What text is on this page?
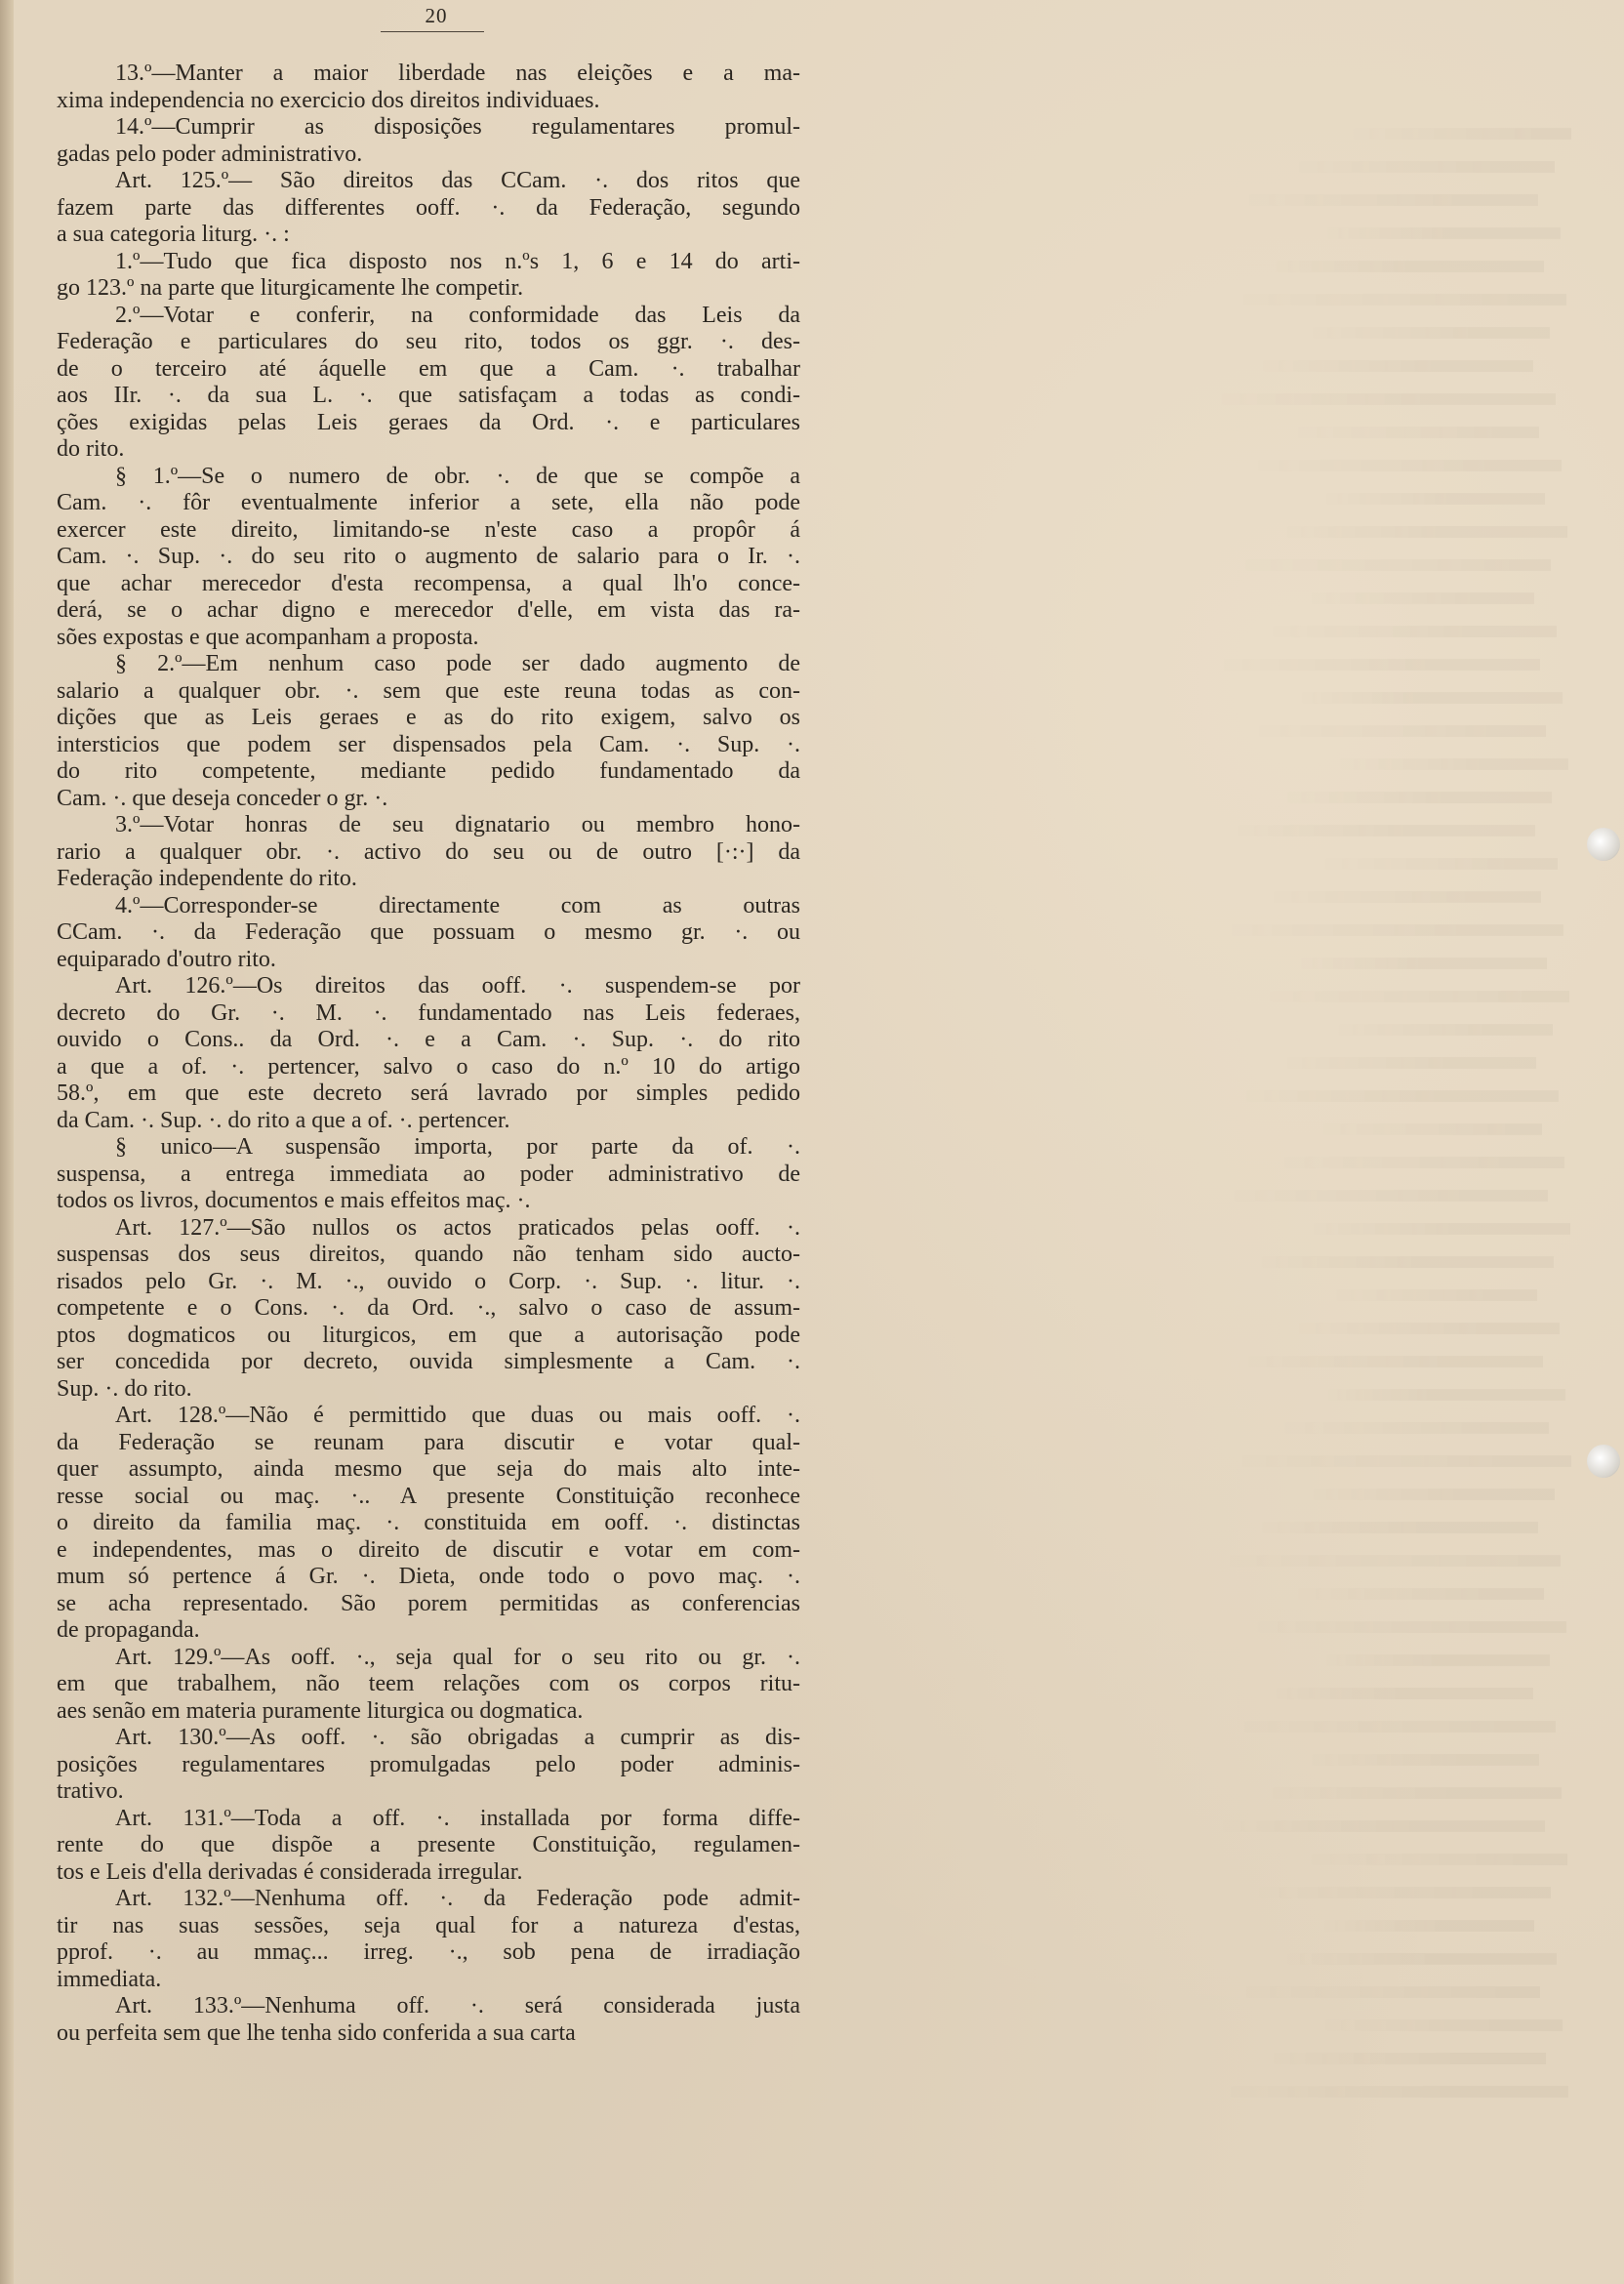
20

13.º—Manter a maior liberdade nas eleições e a ma-

xima independencia no exercicio dos direitos individuaes.

14.º—Cumprir as disposições regulamentares promul-

gadas pelo poder administrativo.

Art. 125.º— São direitos das CCam. ·. dos ritos que

fazem parte das differentes ooff. ·. da Federação, segundo

a sua categoria liturg. ·. :

1.º—Tudo que fica disposto nos n.ºs 1, 6 e 14 do arti-

go 123.º na parte que liturgicamente lhe competir.

2.º—Votar e conferir, na conformidade das Leis da

Federação e particulares do seu rito, todos os ggr. ·. des-

de o terceiro até áquelle em que a Cam. ·. trabalhar

aos IIr. ·. da sua L. ·. que satisfaçam a todas as condi-

ções exigidas pelas Leis geraes da Ord. ·. e particulares

do rito.

§ 1.º—Se o numero de obr. ·. de que se compõe a

Cam. ·. fôr eventualmente inferior a sete, ella não pode

exercer este direito, limitando-se n'este caso a propôr á

Cam. ·. Sup. ·. do seu rito o augmento de salario para o Ir. ·.

que achar merecedor d'esta recompensa, a qual lh'o conce-

derá, se o achar digno e merecedor d'elle, em vista das ra-

sões expostas e que acompanham a proposta.

§ 2.º—Em nenhum caso pode ser dado augmento de

salario a qualquer obr. ·. sem que este reuna todas as con-

dições que as Leis geraes e as do rito exigem, salvo os

intersticios que podem ser dispensados pela Cam. ·. Sup. ·.

do rito competente, mediante pedido fundamentado da

Cam. ·. que deseja conceder o gr. ·.

3.º—Votar honras de seu dignatario ou membro hono-

rario a qualquer obr. ·. activo do seu ou de outro [·:·] da

Federação independente do rito.

4.º—Corresponder-se directamente com as outras

CCam. ·. da Federação que possuam o mesmo gr. ·. ou

equiparado d'outro rito.

Art. 126.º—Os direitos das ooff. ·. suspendem-se por

decreto do Gr. ·. M. ·. fundamentado nas Leis federaes,

ouvido o Cons.. da Ord. ·. e a Cam. ·. Sup. ·. do rito

a que a of. ·. pertencer, salvo o caso do n.º 10 do artigo

58.º, em que este decreto será lavrado por simples pedido

da Cam. ·. Sup. ·. do rito a que a of. ·. pertencer.

§ unico—A suspensão importa, por parte da of. ·.

suspensa, a entrega immediata ao poder administrativo de

todos os livros, documentos e mais effeitos maç. ·.

Art. 127.º—São nullos os actos praticados pelas ooff. ·.

suspensas dos seus direitos, quando não tenham sido aucto-

risados pelo Gr. ·. M. ·., ouvido o Corp. ·. Sup. ·. litur. ·.

competente e o Cons. ·. da Ord. ·., salvo o caso de assum-

ptos dogmaticos ou liturgicos, em que a autorisação pode

ser concedida por decreto, ouvida simplesmente a Cam. ·.

Sup. ·. do rito.

Art. 128.º—Não é permittido que duas ou mais ooff. ·.

da Federação se reunam para discutir e votar qual-

quer assumpto, ainda mesmo que seja do mais alto inte-

resse social ou maç. ·.. A presente Constituição reconhece

o direito da familia maç. ·. constituida em ooff. ·. distinctas

e independentes, mas o direito de discutir e votar em com-

mum só pertence á Gr. ·. Dieta, onde todo o povo maç. ·.

se acha representado. São porem permitidas as conferencias

de propaganda.

Art. 129.º—As ooff. ·., seja qual for o seu rito ou gr. ·.

em que trabalhem, não teem relações com os corpos ritu-

aes senão em materia puramente liturgica ou dogmatica.

Art. 130.º—As ooff. ·. são obrigadas a cumprir as dis-

posições regulamentares promulgadas pelo poder adminis-

trativo.

Art. 131.º—Toda a off. ·. installada por forma diffe-

rente do que dispõe a presente Constituição, regulamen-

tos e Leis d'ella derivadas é considerada irregular.

Art. 132.º—Nenhuma off. ·. da Federação pode admit-

tir nas suas sessões, seja qual for a natureza d'estas,

pprof. ·. au mmaç... irreg. ·., sob pena de irradiação

immediata.

Art. 133.º—Nenhuma off. ·. será considerada justa

ou perfeita sem que lhe tenha sido conferida a sua carta
